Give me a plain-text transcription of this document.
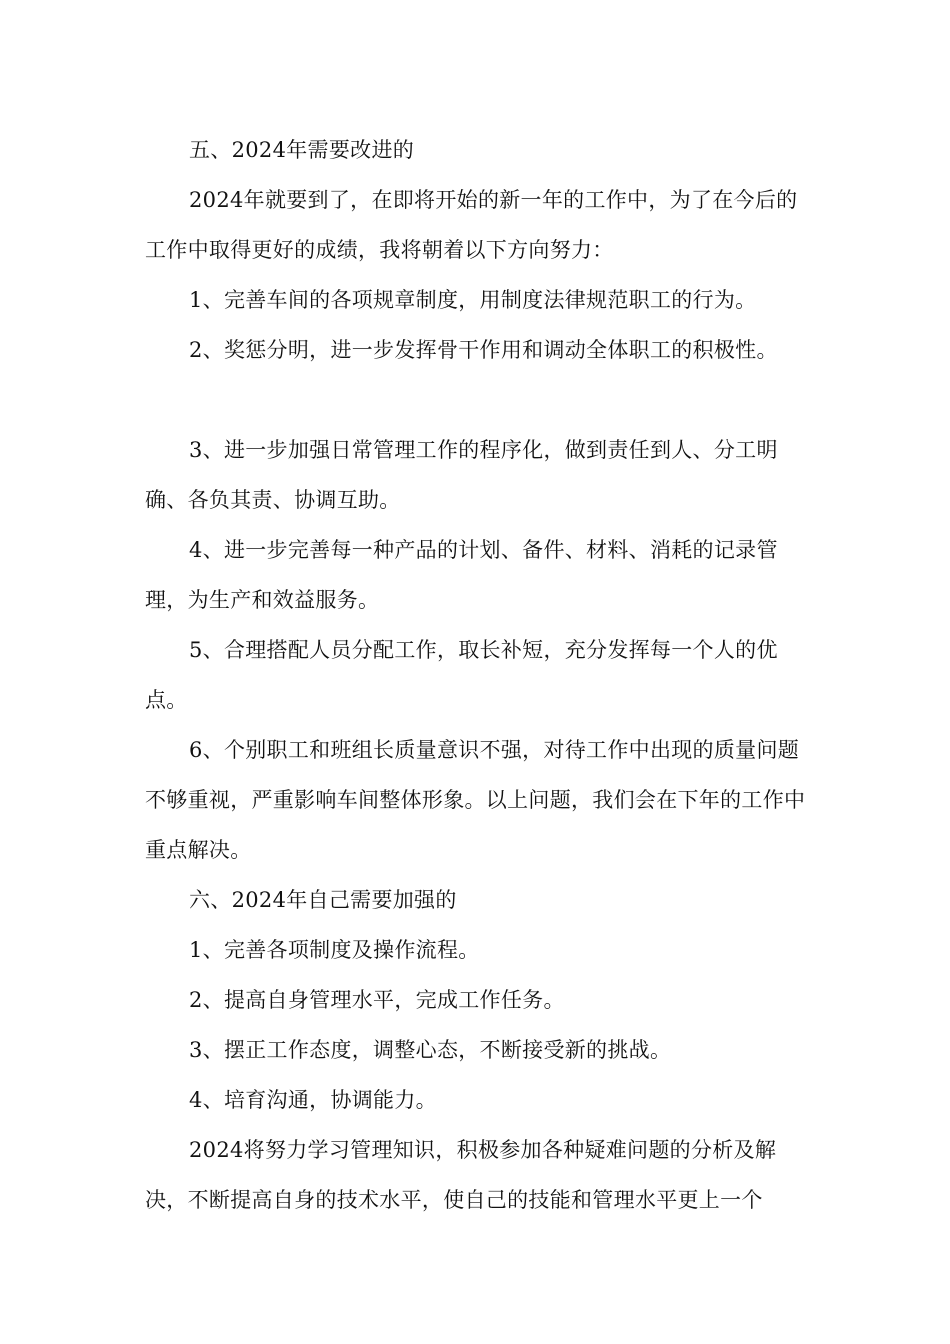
五、2024年需要改进的

2024年就要到了，在即将开始的新一年的工作中，为了在今后的工作中取得更好的成绩，我将朝着以下方向努力：

1、完善车间的各项规章制度，用制度法律规范职工的行为。

2、奖惩分明，进一步发挥骨干作用和调动全体职工的积极性。

3、进一步加强日常管理工作的程序化，做到责任到人、分工明确、各负其责、协调互助。

4、进一步完善每一种产品的计划、备件、材料、消耗的记录管理，为生产和效益服务。

5、合理搭配人员分配工作，取长补短，充分发挥每一个人的优点。

6、个别职工和班组长质量意识不强，对待工作中出现的质量问题不够重视，严重影响车间整体形象。以上问题，我们会在下年的工作中重点解决。

六、2024年自己需要加强的

1、完善各项制度及操作流程。

2、提高自身管理水平，完成工作任务。

3、摆正工作态度，调整心态，不断接受新的挑战。

4、培育沟通，协调能力。

2024将努力学习管理知识，积极参加各种疑难问题的分析及解决，不断提高自身的技术水平，使自己的技能和管理水平更上一个
